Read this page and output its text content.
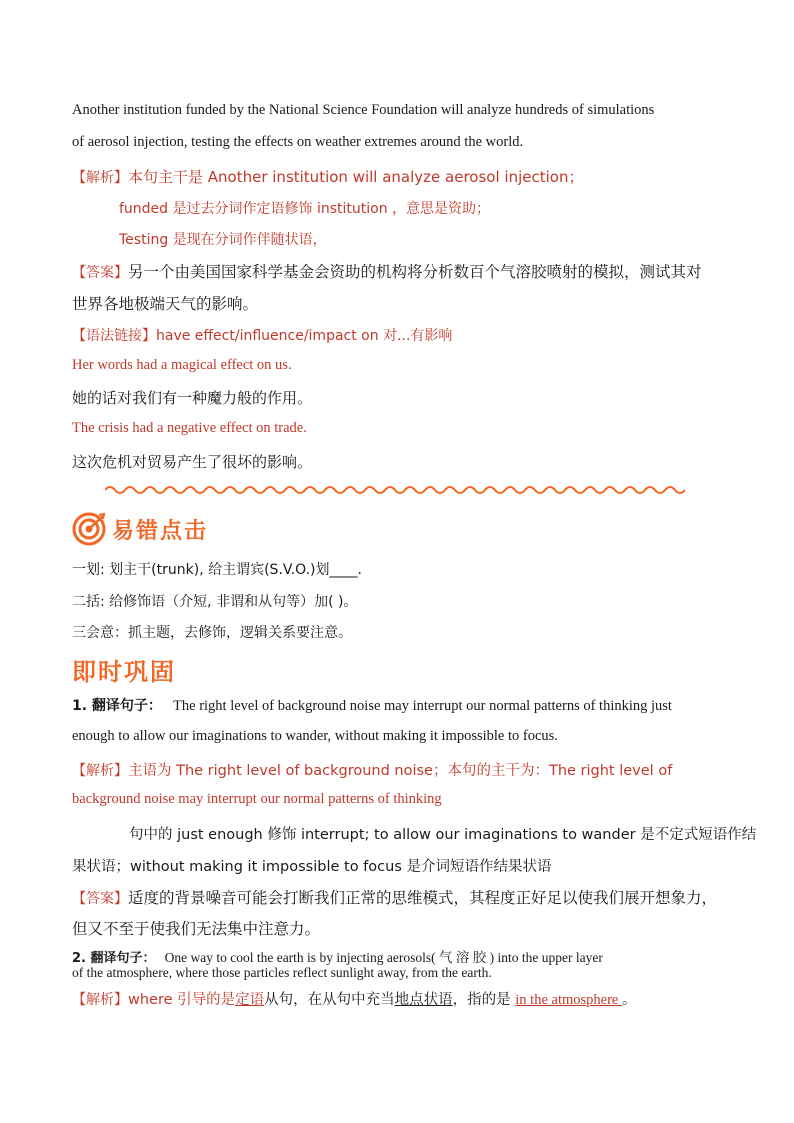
Another institution funded by the National Science Foundation will analyze hundreds of simulations
of aerosol injection, testing the effects on weather extremes around the world.
【解析】本句主干是 Another institution will analyze aerosol injection；
funded 是过去分词作定语修饰 institution ，意思是资助；
Testing 是现在分词作伴随状语，
【答案】另一个由美国国家科学基金会资助的机构将分析数百个气溶胶喷射的模拟，测试其对
世界各地极端天气的影响。
【语法链接】have effect/influence/impact on 对...有影响
Her words had a magical effect on us.
她的话对我们有一种魔力般的作用。
The crisis had a negative effect on trade.
这次危机对贸易产生了很坏的影响。
易错点击
一划: 划主干(trunk), 给主谓宾(S.V.O.)划____.
二括: 给修饰语（介短, 非谓和从句等）加( )。
三会意：抓主题，去修饰，逻辑关系要注意。
即时巩固
1. 翻译句子： The right level of background noise may interrupt our normal patterns of thinking just
enough to allow our imaginations to wander, without making it impossible to focus.
【解析】主语为 The right level of background noise；本句的主干为：The right level of
background noise may interrupt our normal patterns of thinking
句中的 just enough 修饰 interrupt; to allow our imaginations to wander 是不定式短语作结
果状语；without making it impossible to focus 是介词短语作结果状语
【答案】适度的背景噪音可能会打断我们正常的思维模式，其程度正好足以使我们展开想象力，
但又不至于使我们无法集中注意力。
2. 翻译句子： One way to cool the earth is by injecting aerosols( 气 溶 胶 ) into the upper layer
of the atmosphere, where those particles reflect sunlight away, from the earth.
【解析】where 引导的是定语从句，在从句中充当地点状语，指的是 in the atmosphere 。
